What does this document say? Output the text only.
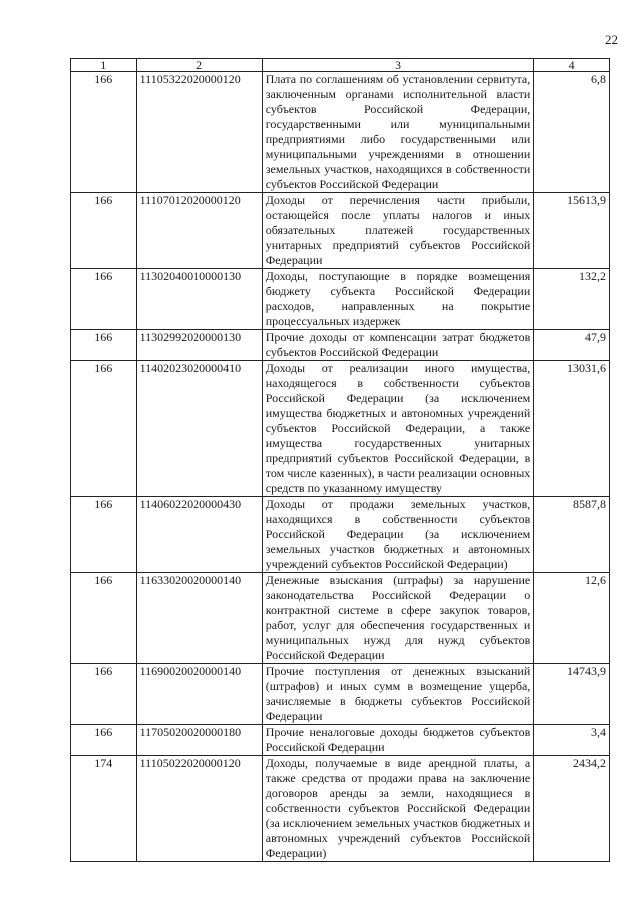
22
1	2	3	4
166	11105322020000120	Плата по соглашениям об установлении сервитута, заключенным органами исполнительной власти субъектов Российской Федерации, государственными или муниципальными предприятиями либо государственными или муниципальными учреждениями в отношении земельных участков, находящихся в собственности субъектов Российской Федерации	6,8
166	11107012020000120	Доходы от перечисления части прибыли, остающейся после уплаты налогов и иных обязательных платежей государственных унитарных предприятий субъектов Российской Федерации	15613,9
166	11302040010000130	Доходы, поступающие в порядке возмещения бюджету субъекта Российской Федерации расходов, направленных на покрытие процессуальных издержек	132,2
166	11302992020000130	Прочие доходы от компенсации затрат бюджетов субъектов Российской Федерации	47,9
166	11402023020000410	Доходы от реализации иного имущества, находящегося в собственности субъектов Российской Федерации (за исключением имущества бюджетных и автономных учреждений субъектов Российской Федерации, а также имущества государственных унитарных предприятий субъектов Российской Федерации, в том числе казенных), в части реализации основных средств по указанному имуществу	13031,6
166	11406022020000430	Доходы от продажи земельных участков, находящихся в собственности субъектов Российской Федерации (за исключением земельных участков бюджетных и автономных учреждений субъектов Российской Федерации)	8587,8
166	11633020020000140	Денежные взыскания (штрафы) за нарушение законодательства Российской Федерации о контрактной системе в сфере закупок товаров, работ, услуг для обеспечения государственных и муниципальных нужд для нужд субъектов Российской Федерации	12,6
166	11690020020000140	Прочие поступления от денежных взысканий (штрафов) и иных сумм в возмещение ущерба, зачисляемые в бюджеты субъектов Российской Федерации	14743,9
166	11705020020000180	Прочие неналоговые доходы бюджетов субъектов Российской Федерации	3,4
174	11105022020000120	Доходы, получаемые в виде арендной платы, а также средства от продажи права на заключение договоров аренды за земли, находящиеся в собственности субъектов Российской Федерации (за исключением земельных участков бюджетных и автономных учреждений субъектов Российской Федерации)	2434,2
